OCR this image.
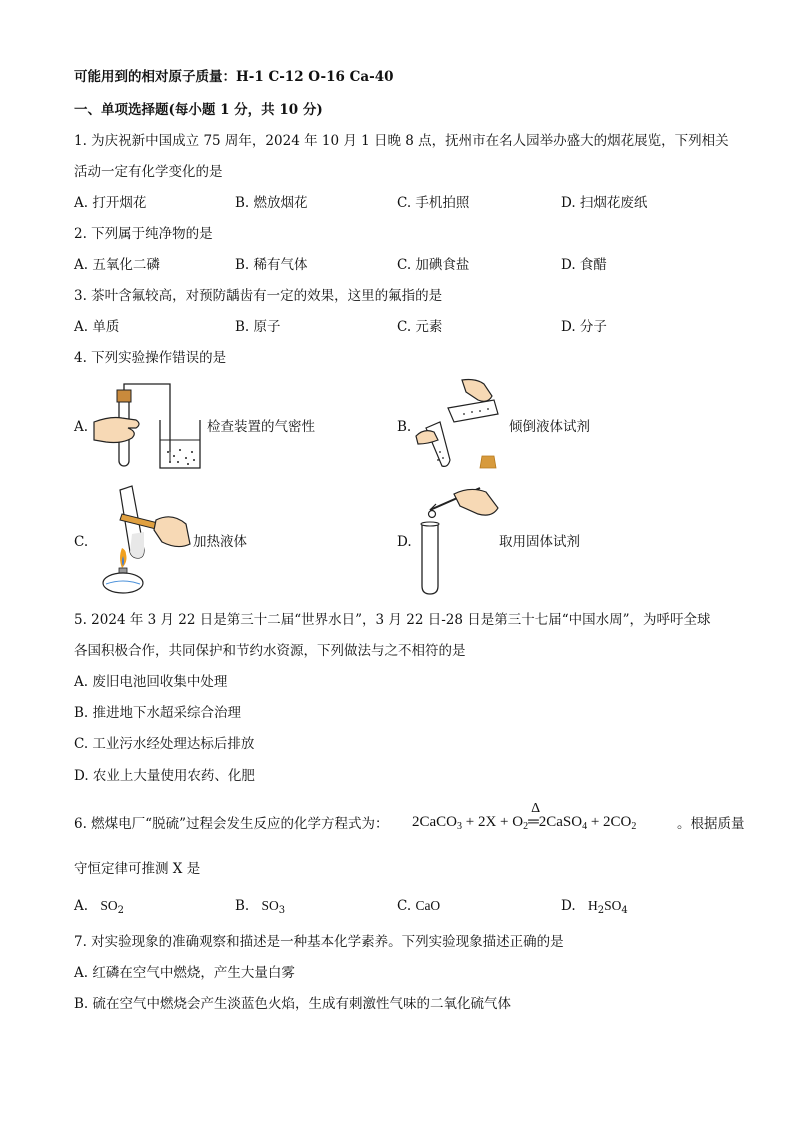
可能用到的相对原子质量：H-1 C-12 O-16 Ca-40
一、单项选择题(每小题 1 分，共 10 分)
1. 为庆祝新中国成立 75 周年，2024 年 10 月 1 日晚 8 点，抚州市在名人园举办盛大的烟花展览，下列相关
活动一定有化学变化的是
A. 打开烟花	B. 燃放烟花	C. 手机拍照	D. 扫烟花废纸
2. 下列属于纯净物的是
A. 五氧化二磷	B. 稀有气体	C. 加碘食盐	D. 食醋
3. 茶叶含氟较高，对预防龋齿有一定的效果，这里的氟指的是
A. 单质	B. 原子	C. 元素	D. 分子
4. 下列实验操作错误的是
A.	检查装置的气密性	B.	倾倒液体试剂
C.	加热液体	D.	取用固体试剂
5. 2024 年 3 月 22 日是第三十二届“世界水日”，3 月 22 日-28 日是第三十七届“中国水周”，为呼吁全球
各国积极合作，共同保护和节约水资源，下列做法与之不相符的是
A. 废旧电池回收集中处理
B. 推进地下水超采综合治理
C. 工业污水经处理达标后排放
D. 农业上大量使用农药、化肥
6. 燃煤电厂“脱硫”过程会发生反应的化学方程式为： 2CaCO$_3$ + $2X + O_2$
Δ
═2CaSO$_4$ + $2CO_2$	。根据质量
守恒定律可推测 X 是
A. $SO_2$	B. $SO_3$	C. CaO	D. $H_2SO_4$
7. 对实验现象的准确观察和描述是一种基本化学素养。下列实验现象描述正确的是
A. 红磷在空气中燃烧，产生大量白雾
B. 硫在空气中燃烧会产生淡蓝色火焰，生成有刺激性气味的二氧化硫气体
